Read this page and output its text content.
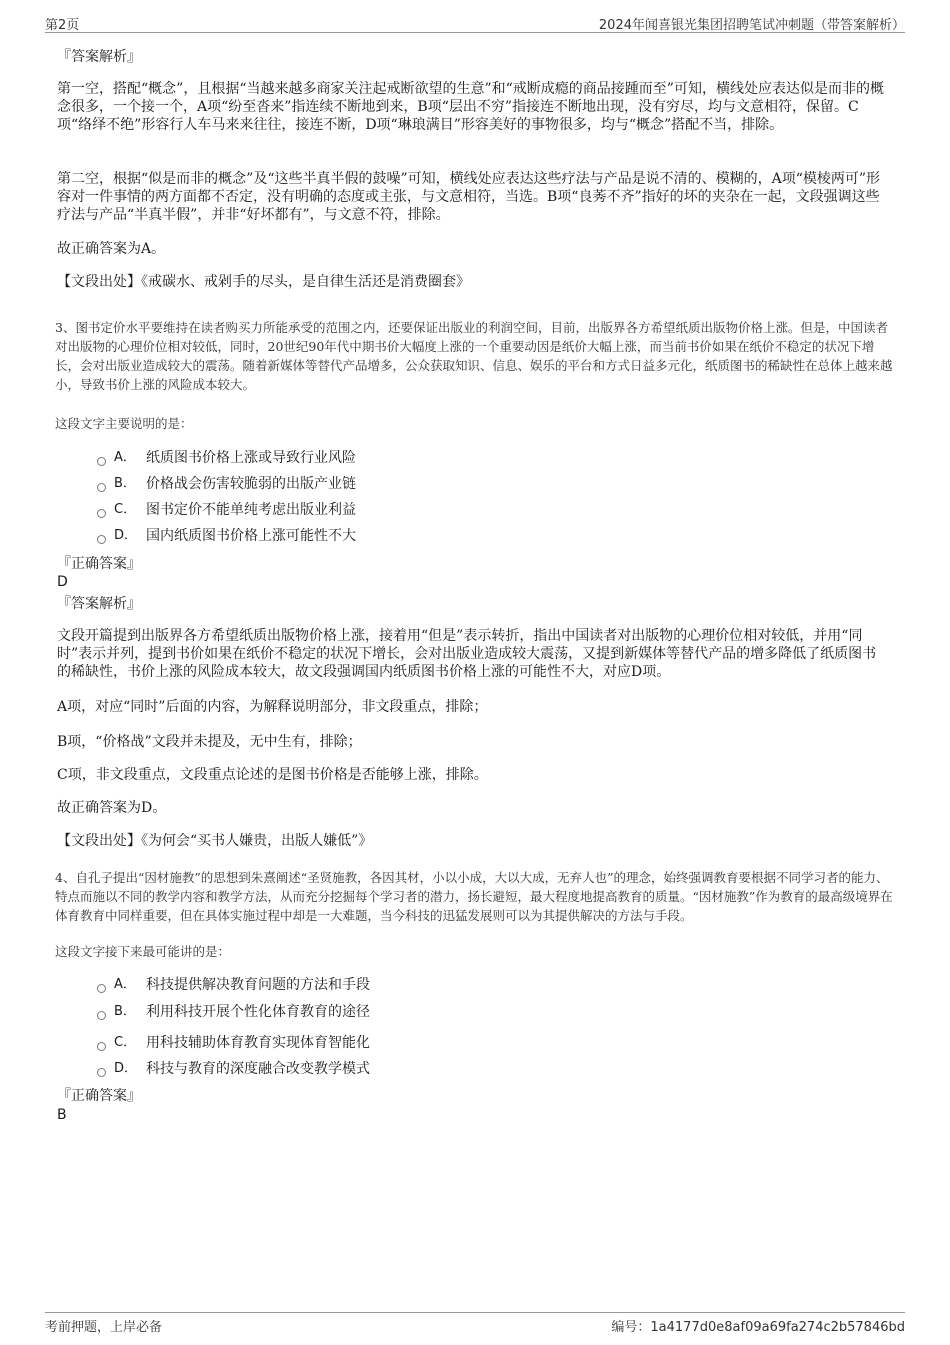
第2页	2024年闻喜银光集团招聘笔试冲刺题（带答案解析）
『答案解析』
第一空，搭配“概念”，且根据“当越来越多商家关注起戒断欲望的生意”和“戒断成瘾的商品接踵而至”可知，横线处应表达似是而非的概念很多，一个接一个，A项“纷至沓来”指连续不断地到来，B项“层出不穷”指接连不断地出现，没有穷尽，均与文意相符，保留。C项“络绎不绝”形容行人车马来来往往，接连不断，D项“琳琅满目”形容美好的事物很多，均与“概念”搭配不当，排除。
第二空，根据“似是而非的概念”及“这些半真半假的鼓噪”可知，横线处应表达这些疗法与产品是说不清的、模糊的，A项“模棱两可”形容对一件事情的两方面都不否定，没有明确的态度或主张，与文意相符，当选。B项“良莠不齐”指好的坏的夹杂在一起，文段强调这些疗法与产品“半真半假”，并非“好坏都有”，与文意不符，排除。
故正确答案为A。
【文段出处】《戒碳水、戒剁手的尽头，是自律生活还是消费圈套》
3、图书定价水平要维持在读者购买力所能承受的范围之内，还要保证出版业的利润空间，目前，出版界各方希望纸质出版物价格上涨。但是，中国读者对出版物的心理价位相对较低，同时，20世纪90年代中期书价大幅度上涨的一个重要动因是纸价大幅上涨，而当前书价如果在纸价不稳定的状况下增长，会对出版业造成较大的震荡。随着新媒体等替代产品增多，公众获取知识、信息、娱乐的平台和方式日益多元化，纸质图书的稀缺性在总体上越来越小，导致书价上涨的风险成本较大。
这段文字主要说明的是：
A． 纸质图书价格上涨或导致行业风险
B． 价格战会伤害较脆弱的出版产业链
C． 图书定价不能单纯考虑出版业利益
D． 国内纸质图书价格上涨可能性不大
『正确答案』
D
『答案解析』
文段开篇提到出版界各方希望纸质出版物价格上涨，接着用“但是”表示转折，指出中国读者对出版物的心理价位相对较低，并用“同时”表示并列，提到书价如果在纸价不稳定的状况下增长，会对出版业造成较大震荡，又提到新媒体等替代产品的增多降低了纸质图书的稀缺性，书价上涨的风险成本较大，故文段强调国内纸质图书价格上涨的可能性不大，对应D项。
A项，对应“同时”后面的内容，为解释说明部分，非文段重点，排除；
B项，“价格战”文段并未提及，无中生有，排除；
C项，非文段重点，文段重点论述的是图书价格是否能够上涨，排除。
故正确答案为D。
【文段出处】《为何会“买书人嫌贵，出版人嫌低”》
4、自孔子提出“因材施教”的思想到朱熹阐述“圣贤施教，各因其材，小以小成，大以大成，无弃人也”的理念，始终强调教育要根据不同学习者的能力、特点而施以不同的教学内容和教学方法，从而充分挖掘每个学习者的潜力，扬长避短，最大程度地提高教育的质量。“因材施教”作为教育的最高级境界在体育教育中同样重要，但在具体实施过程中却是一大难题，当今科技的迅猛发展则可以为其提供解决的方法与手段。
这段文字接下来最可能讲的是：
A． 科技提供解决教育问题的方法和手段
B． 利用科技开展个性化体育教育的途径
C． 用科技辅助体育教育实现体育智能化
D． 科技与教育的深度融合改变教学模式
『正确答案』
B
考前押题，上岸必备	编号：1a4177d0e8af09a69fa274c2b57846bd
